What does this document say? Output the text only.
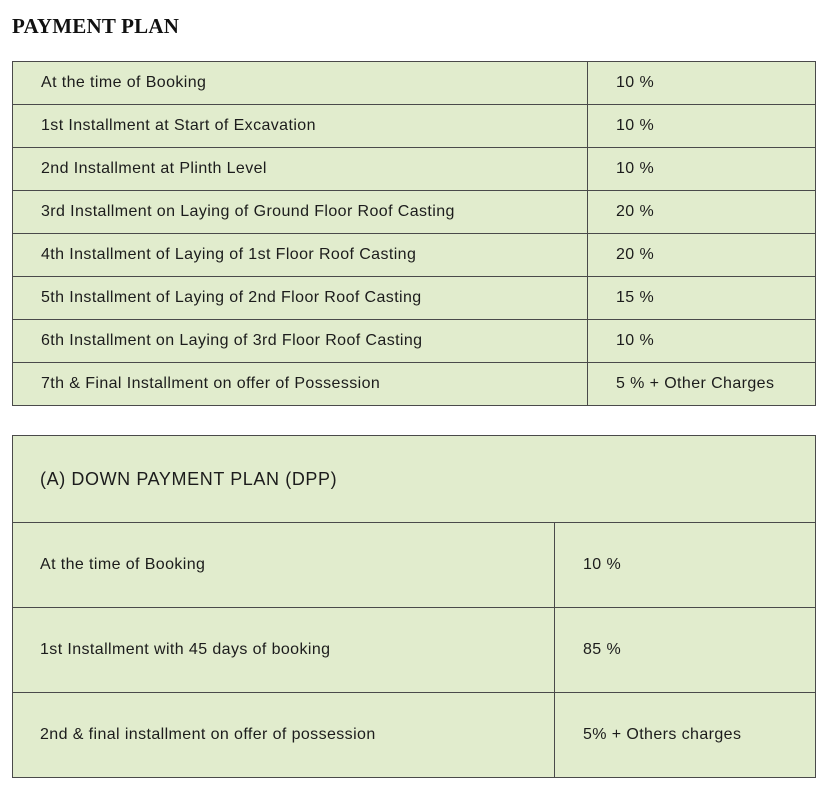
PAYMENT PLAN
At the time of Booking	10 %
1st Installment at Start of Excavation	10 %
2nd Installment at Plinth Level	10 %
3rd Installment on Laying of Ground Floor Roof Casting	20 %
4th Installment of Laying of 1st Floor Roof Casting	20 %
5th Installment of Laying of 2nd Floor Roof Casting	15 %
6th Installment on Laying of 3rd Floor Roof Casting	10 %
7th & Final Installment on offer of Possession	5 % + Other Charges
(A) DOWN PAYMENT PLAN (DPP)	
At the time of Booking	10 %
1st Installment with 45 days of booking	85 %
2nd & final installment on offer of possession	5% + Others charges
